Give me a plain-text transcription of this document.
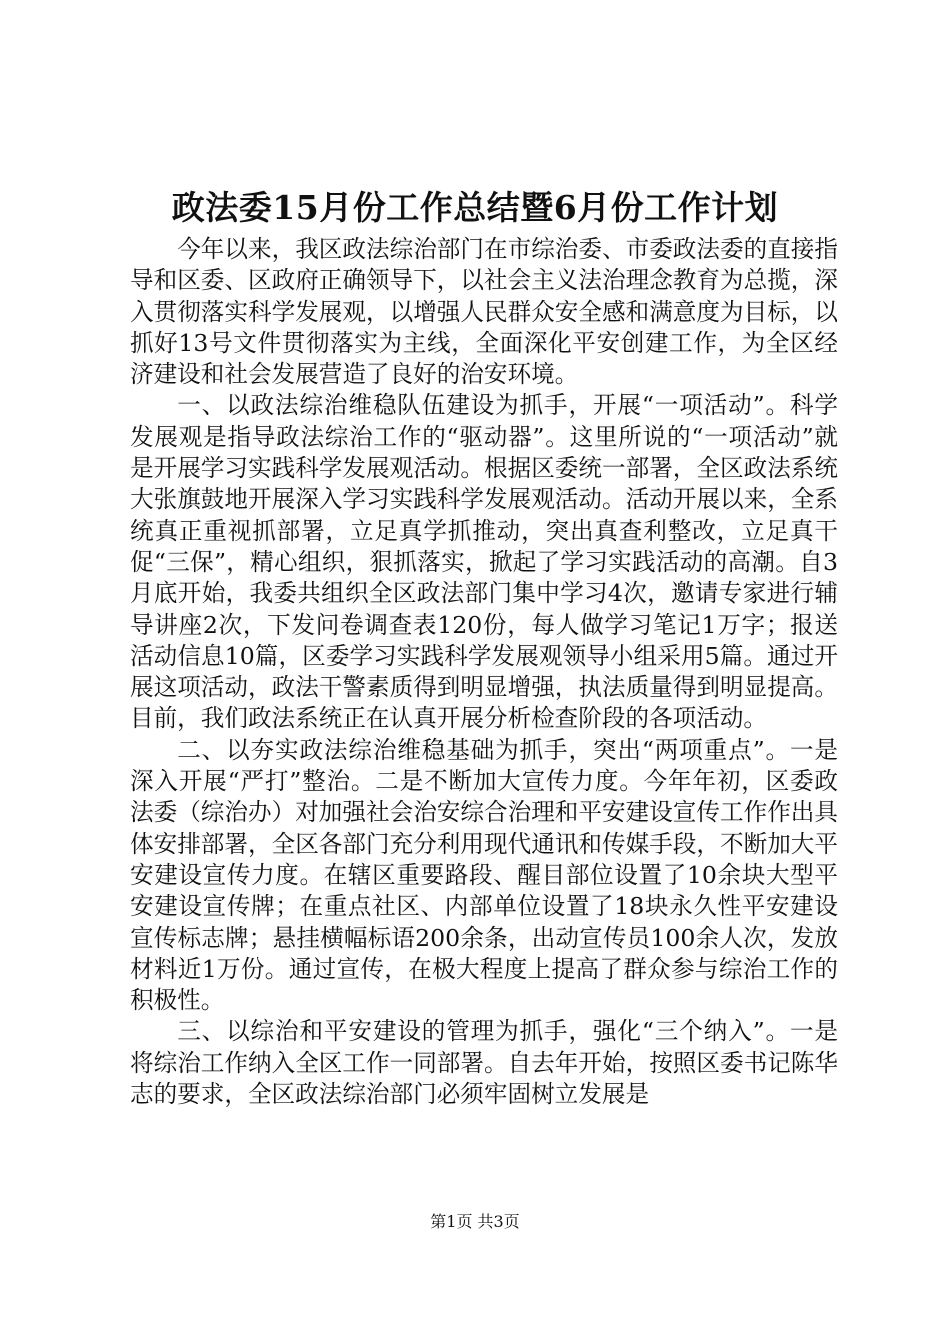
政法委15月份工作总结暨6月份工作计划

今年以来，我区政法综治部门在市综治委、市委政法委的直接指导和区委、区政府正确领导下，以社会主义法治理念教育为总揽，深入贯彻落实科学发展观，以增强人民群众安全感和满意度为目标，以抓好13号文件贯彻落实为主线，全面深化平安创建工作，为全区经济建设和社会发展营造了良好的治安环境。

一、以政法综治维稳队伍建设为抓手，开展“一项活动”。科学发展观是指导政法综治工作的“驱动器”。这里所说的“一项活动”就是开展学习实践科学发展观活动。根据区委统一部署，全区政法系统大张旗鼓地开展深入学习实践科学发展观活动。活动开展以来，全系统真正重视抓部署，立足真学抓推动，突出真查利整改，立足真干促“三保”，精心组织，狠抓落实，掀起了学习实践活动的高潮。自3月底开始，我委共组织全区政法部门集中学习4次，邀请专家进行辅导讲座2次，下发问卷调查表120份，每人做学习笔记1万字；报送活动信息10篇，区委学习实践科学发展观领导小组采用5篇。通过开展这项活动，政法干警素质得到明显增强，执法质量得到明显提高。目前，我们政法系统正在认真开展分析检查阶段的各项活动。

二、以夯实政法综治维稳基础为抓手，突出“两项重点”。一是深入开展“严打”整治。二是不断加大宣传力度。今年年初，区委政法委（综治办）对加强社会治安综合治理和平安建设宣传工作作出具体安排部署，全区各部门充分利用现代通讯和传媒手段，不断加大平安建设宣传力度。在辖区重要路段、醒目部位设置了10余块大型平安建设宣传牌；在重点社区、内部单位设置了18块永久性平安建设宣传标志牌；悬挂横幅标语200余条，出动宣传员100余人次，发放材料近1万份。通过宣传，在极大程度上提高了群众参与综治工作的积极性。

三、以综治和平安建设的管理为抓手，强化“三个纳入”。一是将综治工作纳入全区工作一同部署。自去年开始，按照区委书记陈华志的要求，全区政法综治部门必须牢固树立发展是

第1页 共3页
